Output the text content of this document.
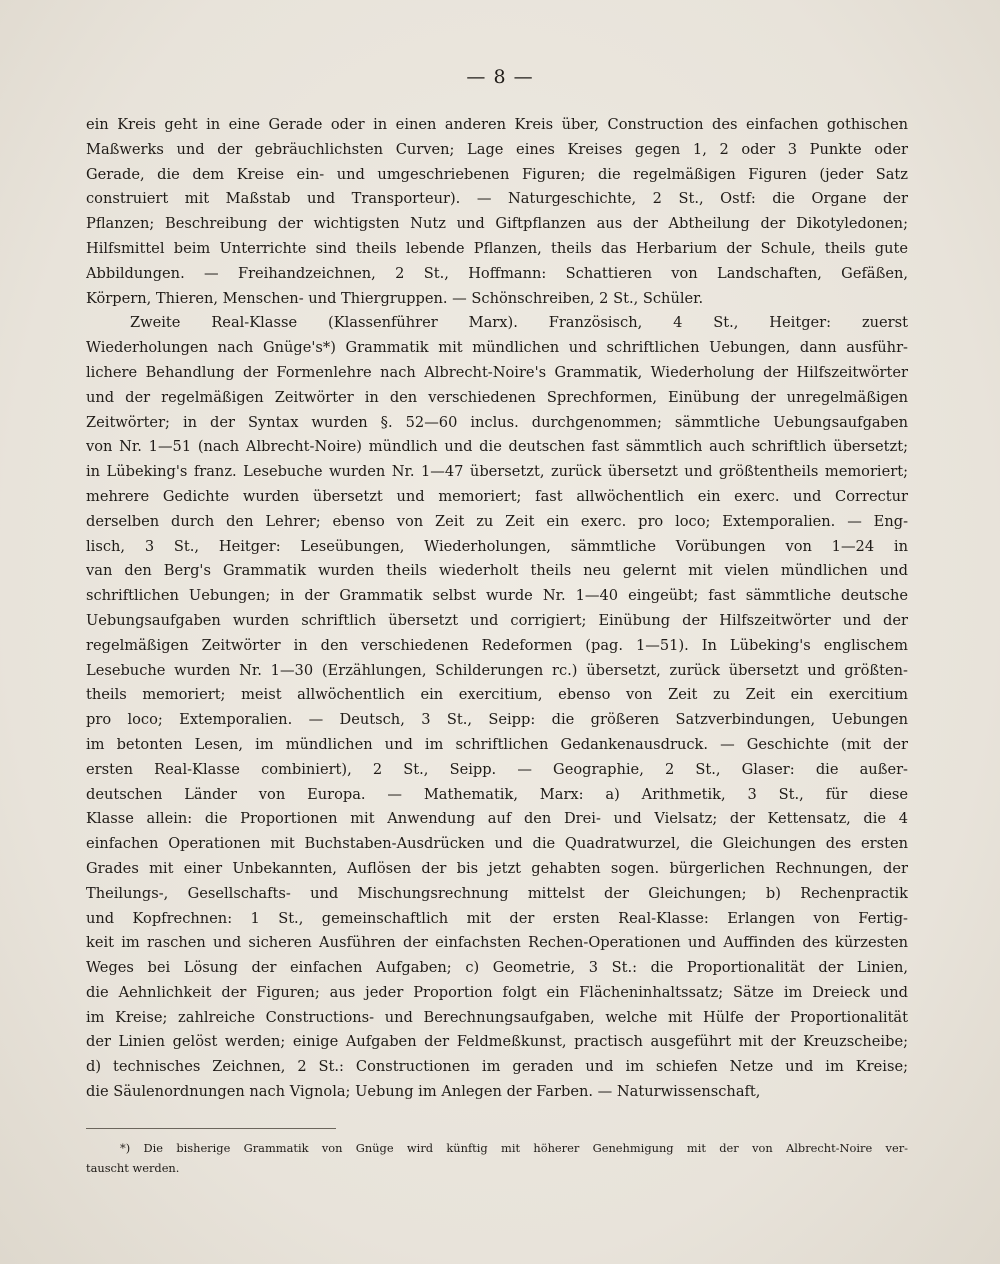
— 8 —
ein Kreis geht in eine Gerade oder in einen anderen Kreis über, Construction des einfachen gothischen
Maßwerks und der gebräuchlichsten Curven; Lage eines Kreises gegen 1, 2 oder 3 Punkte oder
Gerade, die dem Kreise ein- und umgeschriebenen Figuren; die regelmäßigen Figuren (jeder Satz
construiert mit Maßstab und Transporteur). — Naturgeschichte, 2 St., Ostf: die Organe der
Pflanzen; Beschreibung der wichtigsten Nutz und Giftpflanzen aus der Abtheilung der Dikotyledonen;
Hilfsmittel beim Unterrichte sind theils lebende Pflanzen, theils das Herbarium der Schule, theils gute
Abbildungen. — Freihandzeichnen, 2 St., Hoffmann: Schattieren von Landschaften, Gefäßen,
Körpern, Thieren, Menschen- und Thiergruppen. — Schönschreiben, 2 St., Schüler.
Zweite Real-Klasse (Klassenführer Marx). Französisch, 4 St., Heitger: zuerst
Wiederholungen nach Gnüge's*) Grammatik mit mündlichen und schriftlichen Uebungen, dann ausführ-
lichere Behandlung der Formenlehre nach Albrecht-Noire's Grammatik, Wiederholung der Hilfszeitwörter
und der regelmäßigen Zeitwörter in den verschiedenen Sprechformen, Einübung der unregelmäßigen
Zeitwörter; in der Syntax wurden §. 52—60 inclus. durchgenommen; sämmtliche Uebungsaufgaben
von Nr. 1—51 (nach Albrecht-Noire) mündlich und die deutschen fast sämmtlich auch schriftlich übersetzt;
in Lübeking's franz. Lesebuche wurden Nr. 1—47 übersetzt, zurück übersetzt und größtentheils memoriert;
mehrere Gedichte wurden übersetzt und memoriert; fast allwöchentlich ein exerc. und Correctur
derselben durch den Lehrer; ebenso von Zeit zu Zeit ein exerc. pro loco; Extemporalien. — Eng-
lisch, 3 St., Heitger: Leseübungen, Wiederholungen, sämmtliche Vorübungen von 1—24 in
van den Berg's Grammatik wurden theils wiederholt theils neu gelernt mit vielen mündlichen und
schriftlichen Uebungen; in der Grammatik selbst wurde Nr. 1—40 eingeübt; fast sämmtliche deutsche
Uebungsaufgaben wurden schriftlich übersetzt und corrigiert; Einübung der Hilfszeitwörter und der
regelmäßigen Zeitwörter in den verschiedenen Redeformen (pag. 1—51). In Lübeking's englischem
Lesebuche wurden Nr. 1—30 (Erzählungen, Schilderungen rc.) übersetzt, zurück übersetzt und größten-
theils memoriert; meist allwöchentlich ein exercitium, ebenso von Zeit zu Zeit ein exercitium
pro loco; Extemporalien. — Deutsch, 3 St., Seipp: die größeren Satzverbindungen, Uebungen
im betonten Lesen, im mündlichen und im schriftlichen Gedankenausdruck. — Geschichte (mit der
ersten Real-Klasse combiniert), 2 St., Seipp. — Geographie, 2 St., Glaser: die außer-
deutschen Länder von Europa. — Mathematik, Marx: a) Arithmetik, 3 St., für diese
Klasse allein: die Proportionen mit Anwendung auf den Drei- und Vielsatz; der Kettensatz, die 4
einfachen Operationen mit Buchstaben-Ausdrücken und die Quadratwurzel, die Gleichungen des ersten
Grades mit einer Unbekannten, Auflösen der bis jetzt gehabten sogen. bürgerlichen Rechnungen, der
Theilungs-, Gesellschafts- und Mischungsrechnung mittelst der Gleichungen; b) Rechenpractik
und Kopfrechnen: 1 St., gemeinschaftlich mit der ersten Real-Klasse: Erlangen von Fertig-
keit im raschen und sicheren Ausführen der einfachsten Rechen-Operationen und Auffinden des kürzesten
Weges bei Lösung der einfachen Aufgaben; c) Geometrie, 3 St.: die Proportionalität der Linien,
die Aehnlichkeit der Figuren; aus jeder Proportion folgt ein Flächeninhaltssatz; Sätze im Dreieck und
im Kreise; zahlreiche Constructions- und Berechnungsaufgaben, welche mit Hülfe der Proportionalität
der Linien gelöst werden; einige Aufgaben der Feldmeßkunst, practisch ausgeführt mit der Kreuzscheibe;
d) technisches Zeichnen, 2 St.: Constructionen im geraden und im schiefen Netze und im Kreise;
die Säulenordnungen nach Vignola; Uebung im Anlegen der Farben. — Naturwissenschaft,
*) Die bisherige Grammatik von Gnüge wird künftig mit höherer Genehmigung mit der von Albrecht-Noire ver-
tauscht werden.
